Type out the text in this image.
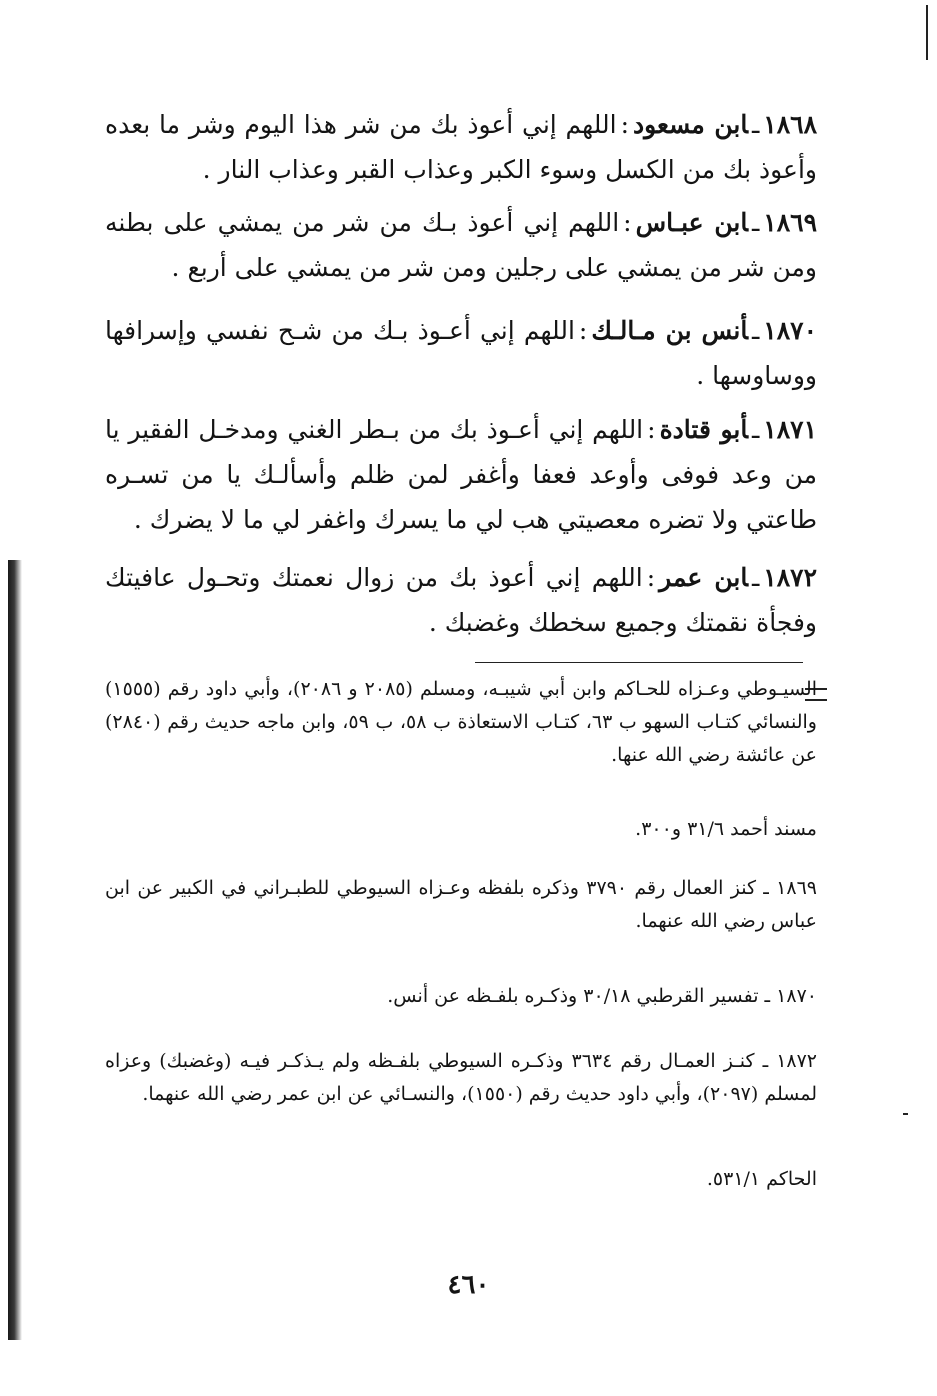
١٨٦٨ـابن مسعود:اللهم إني أعوذ بك من شر هذا اليوم وشر ما بعده وأعوذ بك من الكسل وسوء الكبر وعذاب القبر وعذاب النار .
١٨٦٩ـابن عبـاس:اللهم إني أعوذ بـك من شر من يمشي على بطنه ومن شر من يمشي على رجلين ومن شر من يمشي على أربع .
١٨٧٠ـأنس بن مـالـك:اللهم إني أعـوذ بـك من شـح نفسي وإسرافها ووساوسها .
١٨٧١ـأبو قتادة:اللهم إني أعـوذ بك من بـطر الغني ومدخـل الفقير يا من وعد فوفى وأوعد فعفا وأغفر لمن ظلم وأسألـك يا من تسـره طاعتي ولا تضره معصيتي هب لي ما يسرك واغفر لي ما لا يضرك .
١٨٧٢ـابن عمر:اللهم إني أعوذ بك من زوال نعمتك وتحـول عافيتك وفجأة نقمتك وجميع سخطك وغضبك .
السيـوطي وعـزاه للحـاكم وابن أبي شيبـه، ومسلم (٢٠٨٥ و ٢٠٨٦)، وأبي داود رقم (١٥٥٥) والنسائي كتـاب السهو ب ٦٣، كتـاب الاستعاذة ب ٥٨، ب ٥٩، وابن ماجه حديث رقم (٢٨٤٠) عن عائشة رضي الله عنها.
مسند أحمد ٣١/٦ و٣٠٠.
١٨٦٩ ـ كنز العمال رقم ٣٧٩٠ وذكره بلفظه وعـزاه السيوطي للطبـراني في الكبير عن ابن عباس رضي الله عنهما.
١٨٧٠ ـ تفسير القرطبي ٣٠/١٨ وذكـره بلفـظه عن أنس.
١٨٧٢ ـ كنـز العمـال رقم ٣٦٣٤ وذكـره السيوطي بلفـظه ولم يـذكـر فيـه (وغضبك) وعزاه لمسلم (٢٠٩٧)، وأبي داود حديث رقم (١٥٥٠)، والنسـائي عن ابن عمر رضي الله عنهما.
الحاكم ٥٣١/١.
٤٦٠
